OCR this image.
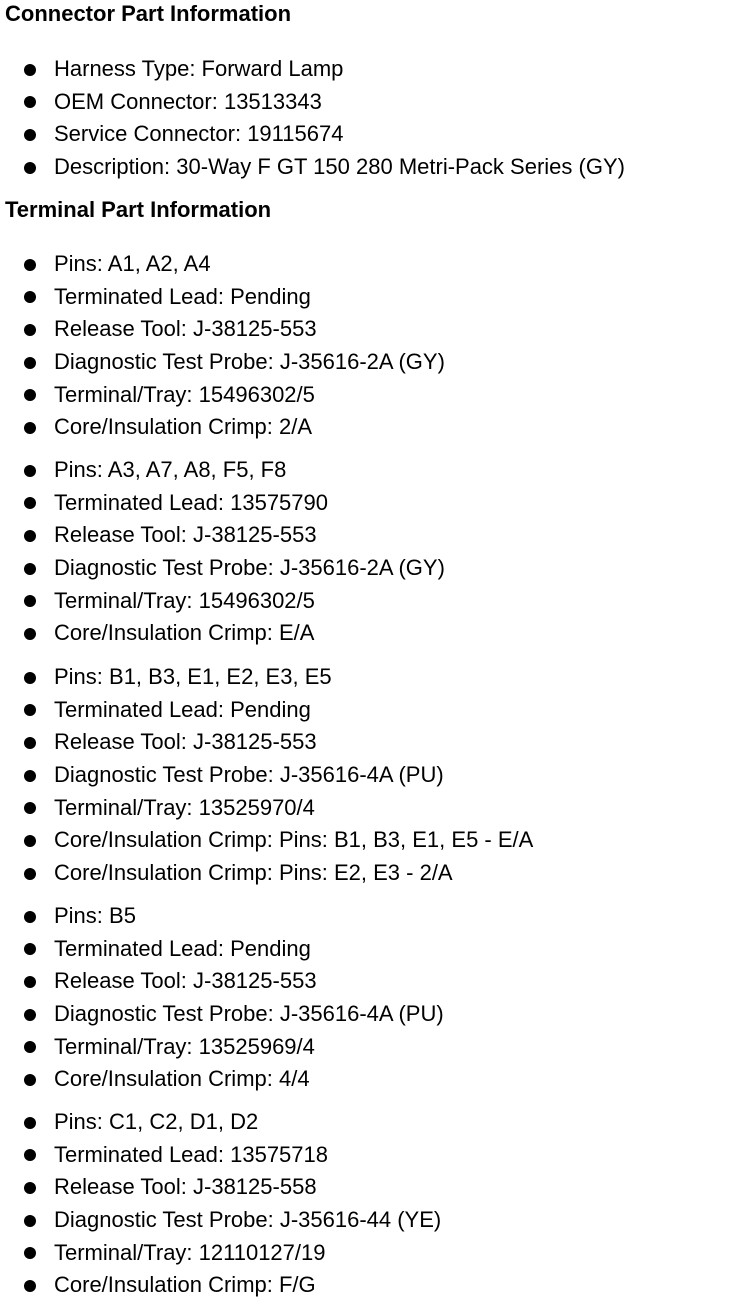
Connector Part Information
Harness Type: Forward Lamp
OEM Connector: 13513343
Service Connector: 19115674
Description: 30-Way F GT 150 280 Metri-Pack Series (GY)
Terminal Part Information
Pins: A1, A2, A4
Terminated Lead: Pending
Release Tool: J-38125-553
Diagnostic Test Probe: J-35616-2A (GY)
Terminal/Tray: 15496302/5
Core/Insulation Crimp: 2/A
Pins: A3, A7, A8, F5, F8
Terminated Lead: 13575790
Release Tool: J-38125-553
Diagnostic Test Probe: J-35616-2A (GY)
Terminal/Tray: 15496302/5
Core/Insulation Crimp: E/A
Pins: B1, B3, E1, E2, E3, E5
Terminated Lead: Pending
Release Tool: J-38125-553
Diagnostic Test Probe: J-35616-4A (PU)
Terminal/Tray: 13525970/4
Core/Insulation Crimp: Pins: B1, B3, E1, E5 - E/A
Core/Insulation Crimp: Pins: E2, E3 - 2/A
Pins: B5
Terminated Lead: Pending
Release Tool: J-38125-553
Diagnostic Test Probe: J-35616-4A (PU)
Terminal/Tray: 13525969/4
Core/Insulation Crimp: 4/4
Pins: C1, C2, D1, D2
Terminated Lead: 13575718
Release Tool: J-38125-558
Diagnostic Test Probe: J-35616-44 (YE)
Terminal/Tray: 12110127/19
Core/Insulation Crimp: F/G
